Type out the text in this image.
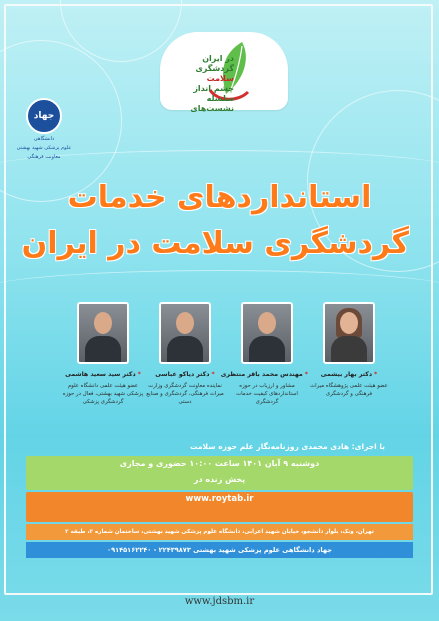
در ایران
گردشگری
سلامت
چشم انداز
سلسله نشست‌های
جهاد
دانشگاهی
علوم پزشکی شهید بهشتی
معاونت فرهنگی
استانداردهای خدمات
گردشگری سلامت در ایران
*دکتر بهار بیشمی
عضو هیئت علمی پژوهشگاه میراث فرهنگی و گردشگری
*مهندس محمد باقر منتظری
مشاور و ارزیاب در حوزه استانداردهای کیفیت خدمات گردشگری
*دکتر دیاکو عباسی
نماینده معاونت گردشگری وزارت میراث فرهنگی، گردشگری و صنایع دستی
*دکتر سید سعید هاشمی
عضو هیئت علمی دانشگاه علوم پزشکی شهید بهشتی، فعال در حوزه گردشگری پزشکی
با اجرای: هادی محمدی روزنامه‌نگار علم حوزه سلامت
دوشنبه ۹ آبان ۱۴۰۱ ساعت ۱۰:۰۰ حضوری و مجازی
پخش زنده در
www.roytab.ir
تهران، ونک، بلوار دانشجو، خیابان شهید اعرابی، دانشگاه علوم پزشکی شهید بهشتی، ساختمان شماره ۲، طبقه ۲
جهاد دانشگاهی علوم پزشکی شهید بهشتی ۲۲۴۳۹۸۷۳ - ۰۹۱۴۵۱۶۲۲۴۰
www.jdsbm.ir
